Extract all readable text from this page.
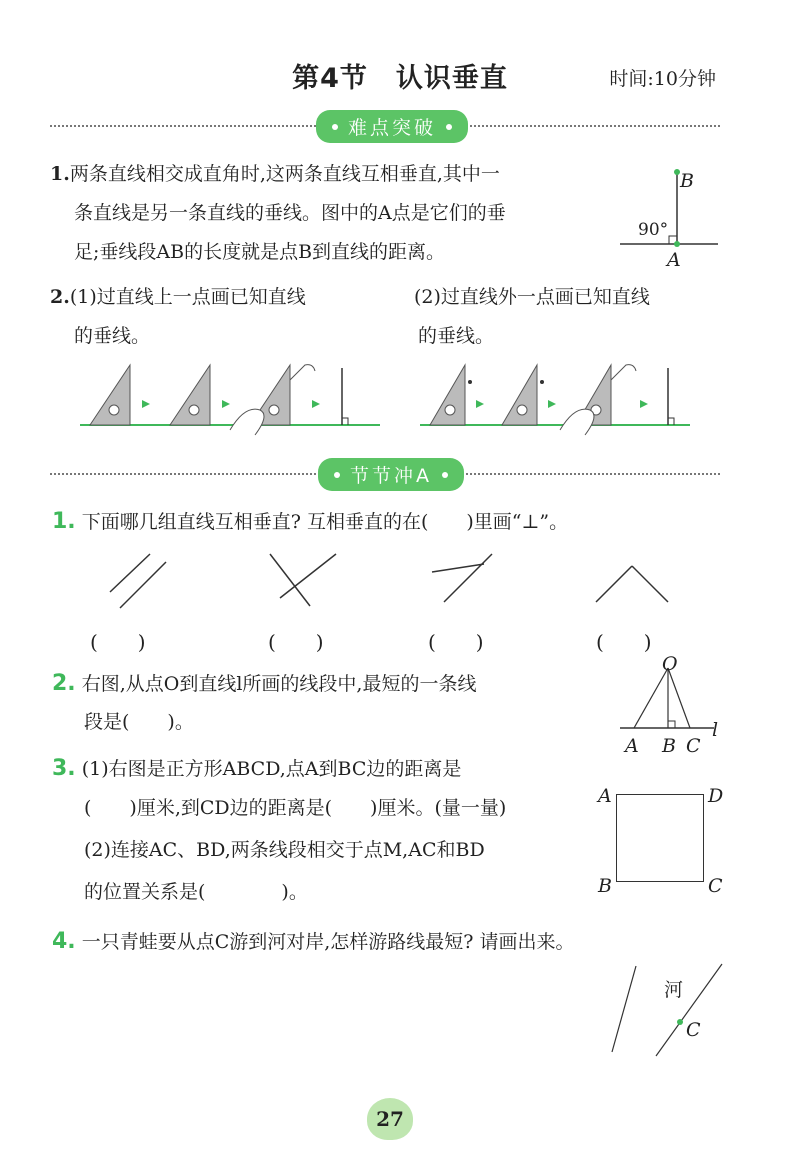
第4节　认识垂直	时间:10分钟
难点突破
1.两条直线相交成直角时,这两条直线互相垂直,其中一
条直线是另一条直线的垂线。图中的A点是它们的垂
足;垂线段AB的长度就是点B到直线的距离。
B
90°
A
2.(1)过直线上一点画已知直线
的垂线。
(2)过直线外一点画已知直线
的垂线。
节节冲A
1. 下面哪几组直线互相垂直? 互相垂直的在(　　)里画“⊥”。
(　　)	(　　)	(　　)	(　　)
2. 右图,从点O到直线l所画的线段中,最短的一条线
段是(　　)。
O
A B C
l
3. (1)右图是正方形ABCD,点A到BC边的距离是
(　　)厘米,到CD边的距离是(　　)厘米。(量一量)
(2)连接AC、BD,两条线段相交于点M,AC和BD
的位置关系是(　　　　)。
A	D
B	C
4. 一只青蛙要从点C游到河对岸,怎样游路线最短? 请画出来。
河
C
27
